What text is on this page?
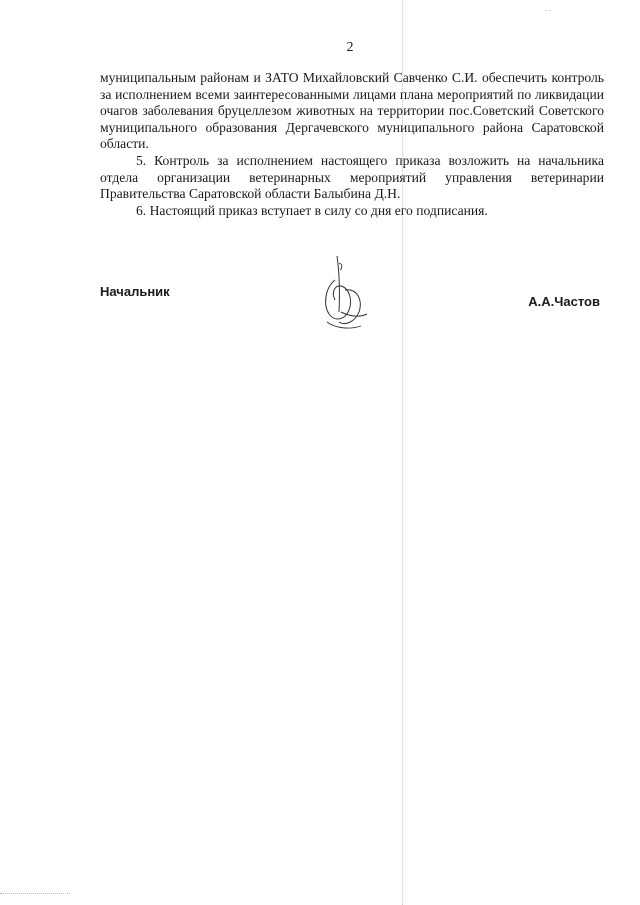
2

муниципальным районам и ЗАТО Михайловский Савченко С.И. обеспечить контроль за исполнением всеми заинтересованными лицами плана мероприятий по ликвидации очагов заболевания бруцеллезом животных на территории пос.Советский Советского муниципального образования Дергачевского муниципального района Саратовской области.

5. Контроль за исполнением настоящего приказа возложить на начальника отдела организации ветеринарных мероприятий управления ветеринарии Правительства Саратовской области Балыбина Д.Н.

6. Настоящий приказ вступает в силу со дня его подписания.

Начальник
А.А.Частов
